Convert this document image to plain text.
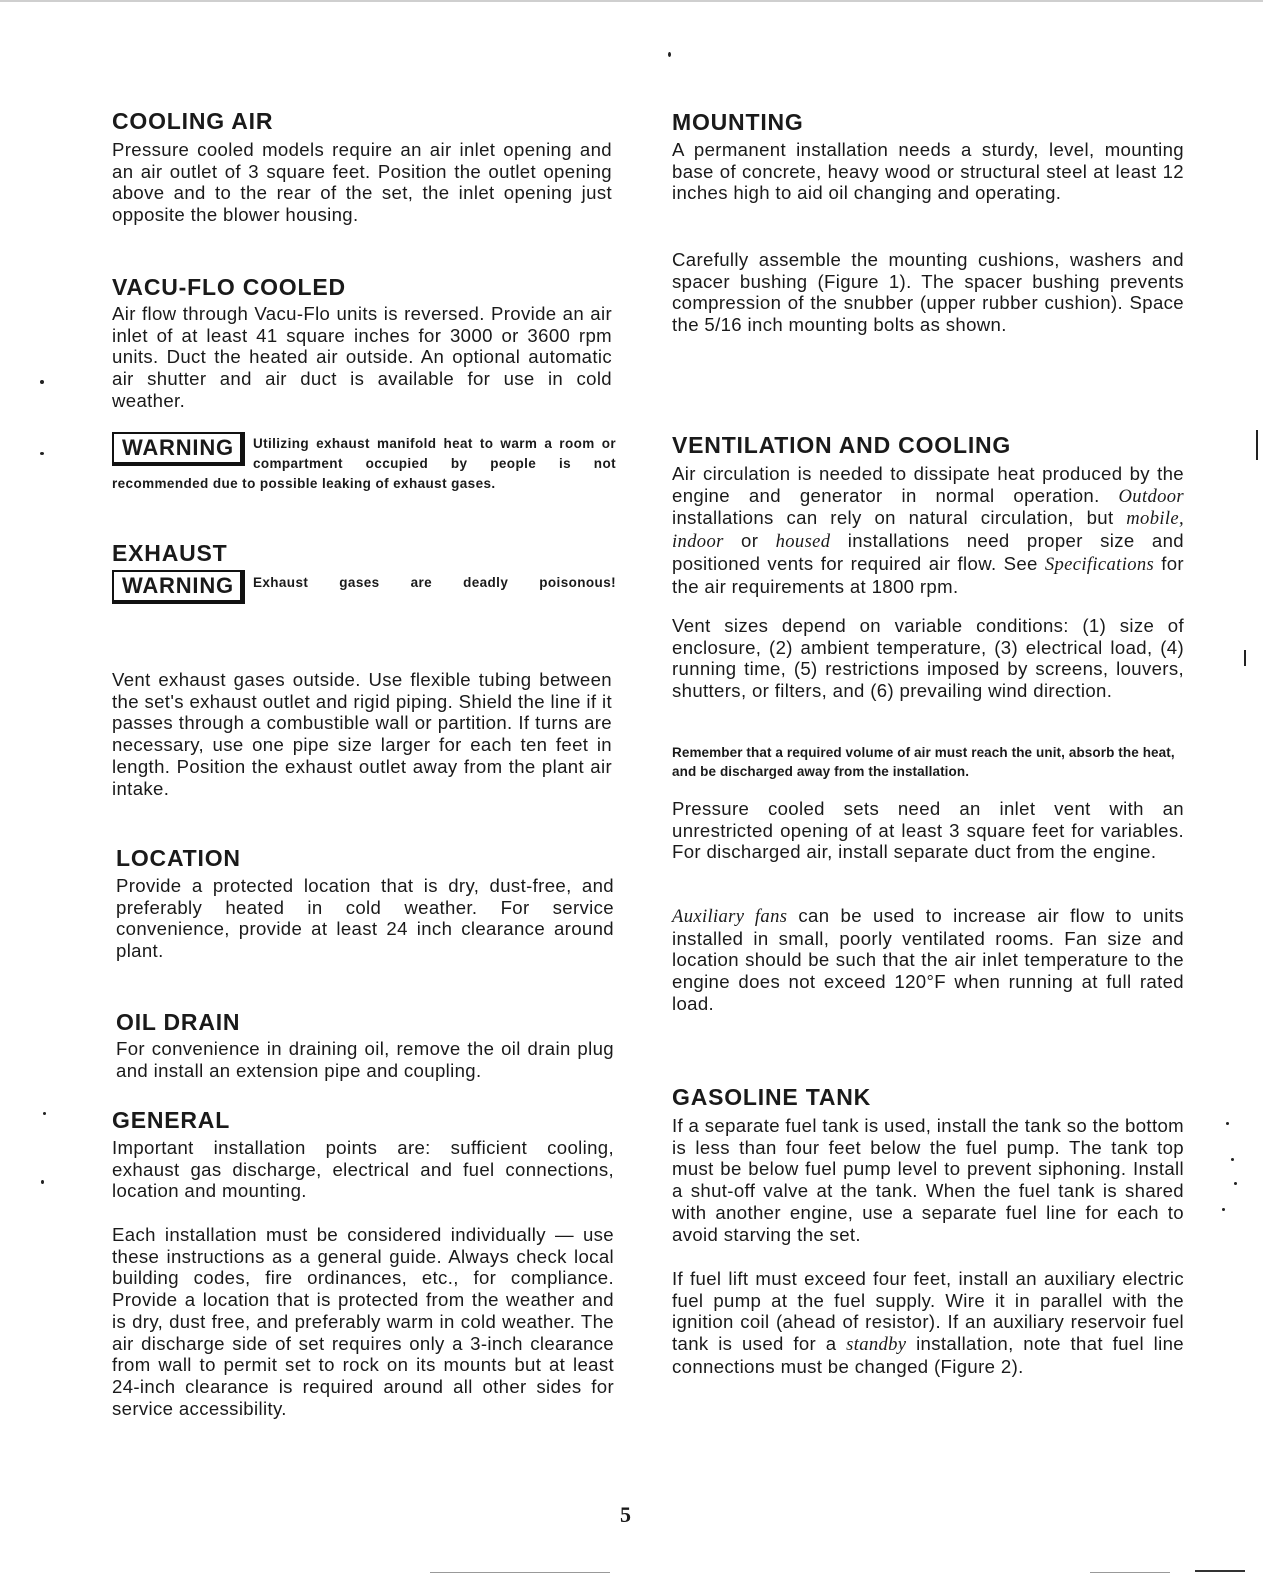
COOLING AIR

Pressure cooled models require an air inlet opening and an air outlet of 3 square feet. Position the outlet opening above and to the rear of the set, the inlet opening just opposite the blower housing.

VACU-FLO COOLED

Air flow through Vacu-Flo units is reversed. Provide an air inlet of at least 41 square inches for 3000 or 3600 rpm units. Duct the heated air outside. An optional automatic air shutter and air duct is available for use in cold weather.

WARNING	Utilizing exhaust manifold heat to warm a room or compartment occupied by people is not recommended due to possible leaking of exhaust gases.
EXHAUST
WARNING	Exhaust gases are deadly poisonous!

Vent exhaust gases outside. Use flexible tubing between the set's exhaust outlet and rigid piping. Shield the line if it passes through a combustible wall or partition. If turns are necessary, use one pipe size larger for each ten feet in length. Position the exhaust outlet away from the plant air intake.

LOCATION

Provide a protected location that is dry, dust-free, and preferably heated in cold weather. For service convenience, provide at least 24 inch clearance around plant.

OIL DRAIN

For convenience in draining oil, remove the oil drain plug and install an extension pipe and coupling.

GENERAL

Important installation points are: sufficient cooling, exhaust gas discharge, electrical and fuel connections, location and mounting.

Each installation must be considered individually — use these instructions as a general guide. Always check local building codes, fire ordinances, etc., for compliance. Provide a location that is protected from the weather and is dry, dust free, and preferably warm in cold weather. The air discharge side of set requires only a 3-inch clearance from wall to permit set to rock on its mounts but at least 24-inch clearance is required around all other sides for service accessibility.

MOUNTING

A permanent installation needs a sturdy, level, mounting base of concrete, heavy wood or structural steel at least 12 inches high to aid oil changing and operating.

Carefully assemble the mounting cushions, washers and spacer bushing (Figure 1). The spacer bushing prevents compression of the snubber (upper rubber cushion). Space the 5/16 inch mounting bolts as shown.

VENTILATION AND COOLING

Air circulation is needed to dissipate heat produced by the engine and generator in normal operation. Outdoor installations can rely on natural circulation, but mobile, indoor or housed installations need proper size and positioned vents for required air flow. See Specifications for the air requirements at 1800 rpm.

Vent sizes depend on variable conditions: (1) size of enclosure, (2) ambient temperature, (3) electrical load, (4) running time, (5) restrictions imposed by screens, louvers, shutters, or filters, and (6) prevailing wind direction.

Remember that a required volume of air must reach the unit, absorb the heat, and be discharged away from the installation.

Pressure cooled sets need an inlet vent with an unrestricted opening of at least 3 square feet for variables. For discharged air, install separate duct from the engine.

Auxiliary fans can be used to increase air flow to units installed in small, poorly ventilated rooms. Fan size and location should be such that the air inlet temperature to the engine does not exceed 120°F when running at full rated load.

GASOLINE TANK

If a separate fuel tank is used, install the tank so the bottom is less than four feet below the fuel pump. The tank top must be below fuel pump level to prevent siphoning. Install a shut-off valve at the tank. When the fuel tank is shared with another engine, use a separate fuel line for each to avoid starving the set.

If fuel lift must exceed four feet, install an auxiliary electric fuel pump at the fuel supply. Wire it in parallel with the ignition coil (ahead of resistor). If an auxiliary reservoir fuel tank is used for a standby installation, note that fuel line connections must be changed (Figure 2).

5
